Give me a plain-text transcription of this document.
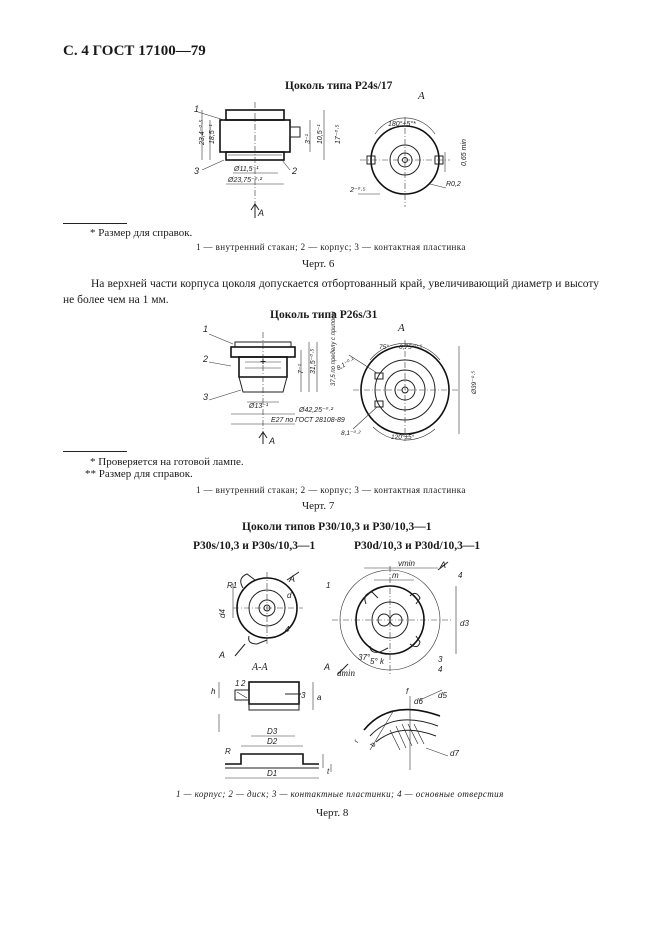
С. 4 ГОСТ 17100—79
Цоколь типа P24s/17
A
23,4⁻⁰·⁵ 18,5⁻¹	3⁻¹ 10,5⁻¹ 17⁻⁰·⁵
Ø11,5⁻¹
Ø23,75⁻⁰·²
1
3	2
A
180°±5°*
0,65 min
R0,2
2⁻⁰·⁵
* Размер для справок.
1 — внутренний стакан; 2 — корпус; 3 — контактная пластинка
Черт. 6
На верхней части корпуса цоколя допускается отбортованный край, увеличивающий диаметр и высоту не более чем на 1 мм.
Цоколь типа P26s/31
A
1
2
3
Ø13⁻¹
7⁻¹ 31,5⁻⁰·⁵ 37,5 по пределу с припоем
Ø42,25⁻⁰·²
E27 по ГОСТ 28108-89
A
75° 6,75⁻⁰·⁵
8,1⁻⁰·²
8,1⁻⁰·²
120°±5°
Ø39⁻⁰·⁵
* Проверяется на готовой лампе.
** Размер для справок.
1 — внутренний стакан; 2 — корпус; 3 — контактная пластинка
Черт. 7
Цоколи типов P30/10,3 и P30/10,3—1
P30s/10,3 и P30s/10,3—1	P30d/10,3 и P30d/10,3—1
R1
d4
d
A
A
4
A-A
1 2
a
h	3
D3
D2
D1
R
t
vmin
m
A
A
1
4
3
4
d3
37° 5° k
dmin
f	d5
d6
d7
r
b
1 — корпус; 2 — диск; 3 — контактные пластинки; 4 — основные отверстия
Черт. 8
